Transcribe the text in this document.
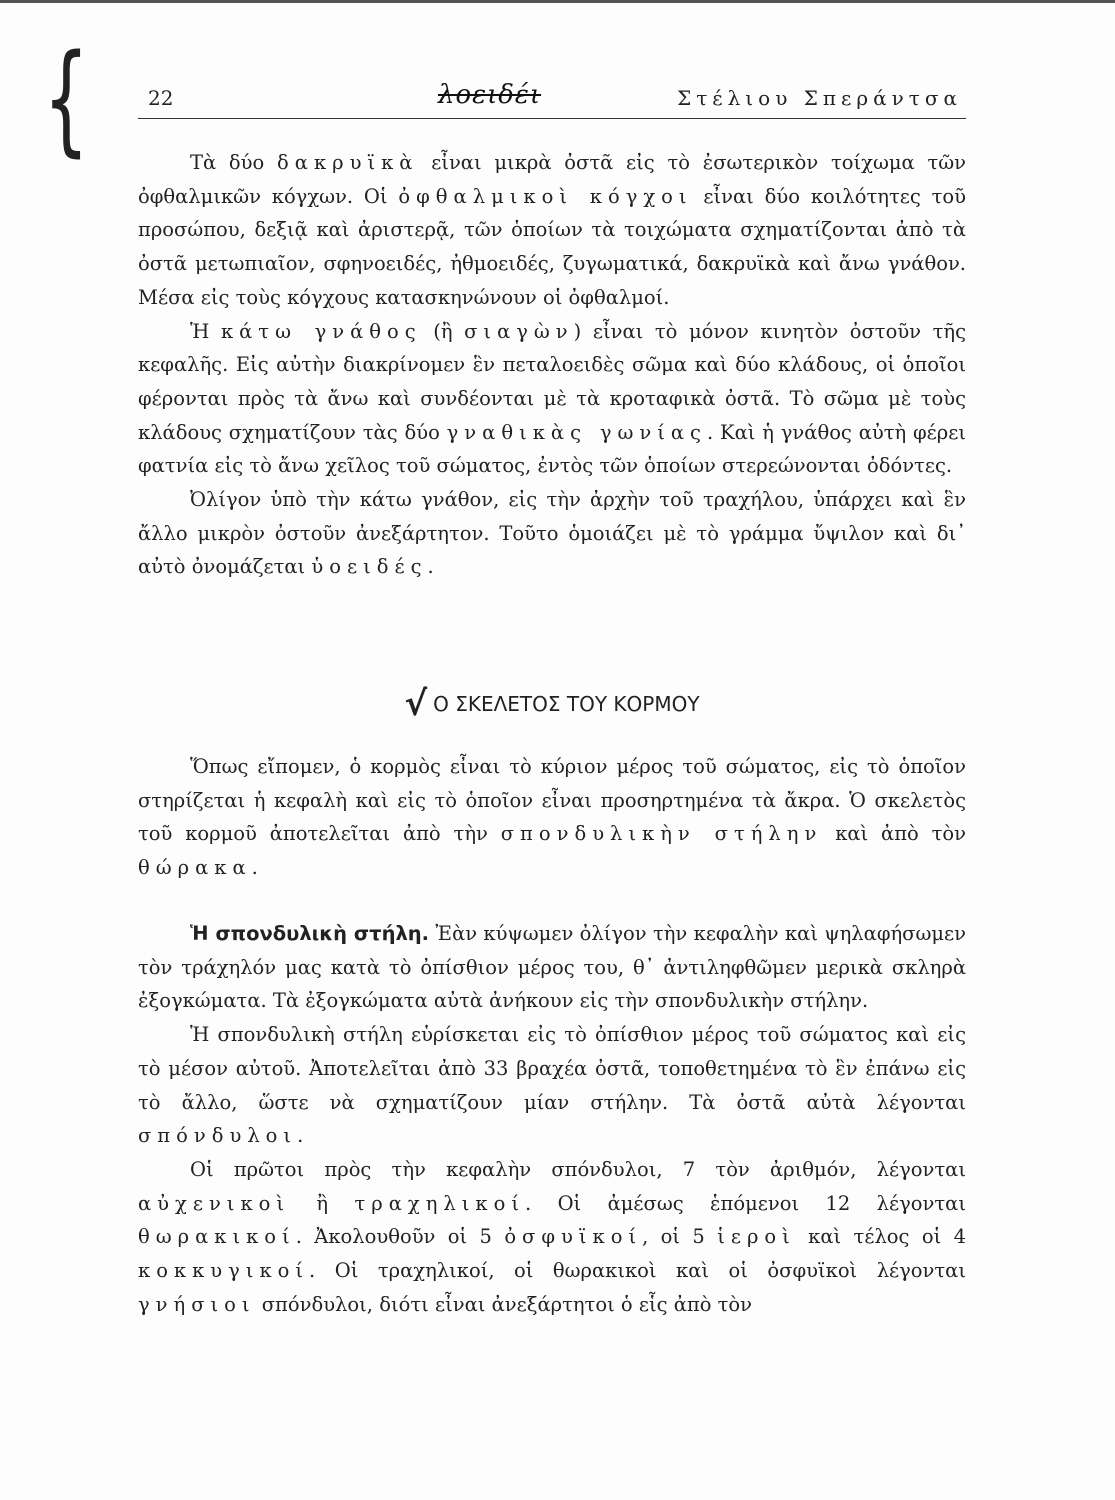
{	22	λοειδέι	Στέλιου Σπεράντσα

Τὰ δύο δακρυϊκὰ εἶναι μικρὰ ὀστᾶ εἰς τὸ ἐσωτερικὸν τοίχωμα τῶν ὀφθαλμικῶν κόγχων. Οἱ ὀφθαλμικοὶ κόγχοι εἶναι δύο κοιλότητες τοῦ προσώπου, δεξιᾷ καὶ ἀριστερᾷ, τῶν ὁποίων τὰ τοιχώματα σχηματίζονται ἀπὸ τὰ ὀστᾶ μετωπιαῖον, σφηνοειδές, ἠθμοειδές, ζυγωματικά, δακρυϊκὰ καὶ ἄνω γνάθον. Μέσα εἰς τοὺς κόγχους κατασκηνώνουν οἱ ὀφθαλμοί.

Ἡ κάτω γνάθος (ἢ σιαγὼν) εἶναι τὸ μόνον κινητὸν ὀστοῦν τῆς κεφαλῆς. Εἰς αὐτὴν διακρίνομεν ἓν πεταλοειδὲς σῶμα καὶ δύο κλάδους, οἱ ὁποῖοι φέρονται πρὸς τὰ ἄνω καὶ συνδέονται μὲ τὰ κροταφικὰ ὀστᾶ. Τὸ σῶμα μὲ τοὺς κλάδους σχηματίζουν τὰς δύο γναθικὰς γωνίας. Καὶ ἡ γνάθος αὐτὴ φέρει φατνία εἰς τὸ ἄνω χεῖλος τοῦ σώματος, ἐντὸς τῶν ὁποίων στερεώνονται ὀδόντες.

Ὀλίγον ὑπὸ τὴν κάτω γνάθον, εἰς τὴν ἀρχὴν τοῦ τραχήλου, ὑπάρχει καὶ ἓν ἄλλο μικρὸν ὀστοῦν ἀνεξάρτητον. Τοῦτο ὁμοιάζει μὲ τὸ γράμμα ὔψιλον καὶ δι᾽ αὐτὸ ὀνομάζεται ὑοειδές.

√ Ο ΣΚΕΛΕΤΟΣ ΤΟΥ ΚΟΡΜΟΥ

Ὅπως εἴπομεν, ὁ κορμὸς εἶναι τὸ κύριον μέρος τοῦ σώματος, εἰς τὸ ὁποῖον στηρίζεται ἡ κεφαλὴ καὶ εἰς τὸ ὁποῖον εἶναι προσηρτημένα τὰ ἄκρα. Ὁ σκελετὸς τοῦ κορμοῦ ἀποτελεῖται ἀπὸ τὴν σπονδυλικὴν στήλην καὶ ἀπὸ τὸν θώρακα.

Ἡ σπονδυλικὴ στήλη. Ἐὰν κύψωμεν ὀλίγον τὴν κεφαλὴν καὶ ψηλαφήσωμεν τὸν τράχηλόν μας κατὰ τὸ ὀπίσθιον μέρος του, θ᾽ ἀντιληφθῶμεν μερικὰ σκληρὰ ἐξογκώματα. Τὰ ἐξογκώματα αὐτὰ ἀνήκουν εἰς τὴν σπονδυλικὴν στήλην.

Ἡ σπονδυλικὴ στήλη εὑρίσκεται εἰς τὸ ὀπίσθιον μέρος τοῦ σώματος καὶ εἰς τὸ μέσον αὐτοῦ. Ἀποτελεῖται ἀπὸ 33 βραχέα ὀστᾶ, τοποθετημένα τὸ ἓν ἐπάνω εἰς τὸ ἄλλο, ὥστε νὰ σχηματίζουν μίαν στήλην. Τὰ ὀστᾶ αὐτὰ λέγονται σπόνδυλοι.

Οἱ πρῶτοι πρὸς τὴν κεφαλὴν σπόνδυλοι, 7 τὸν ἀριθμόν, λέγονται αὐχενικοὶ ἢ τραχηλικοί. Οἱ ἀμέσως ἑπόμενοι 12 λέγονται θωρακικοί. Ἀκολουθοῦν οἱ 5 ὀσφυϊκοί, οἱ 5 ἱεροὶ καὶ τέλος οἱ 4 κοκκυγικοί. Οἱ τραχηλικοί, οἱ θωρακικοὶ καὶ οἱ ὀσφυϊκοὶ λέγονται γνήσιοι σπόνδυλοι, διότι εἶναι ἀνεξάρτητοι ὁ εἷς ἀπὸ τὸν
